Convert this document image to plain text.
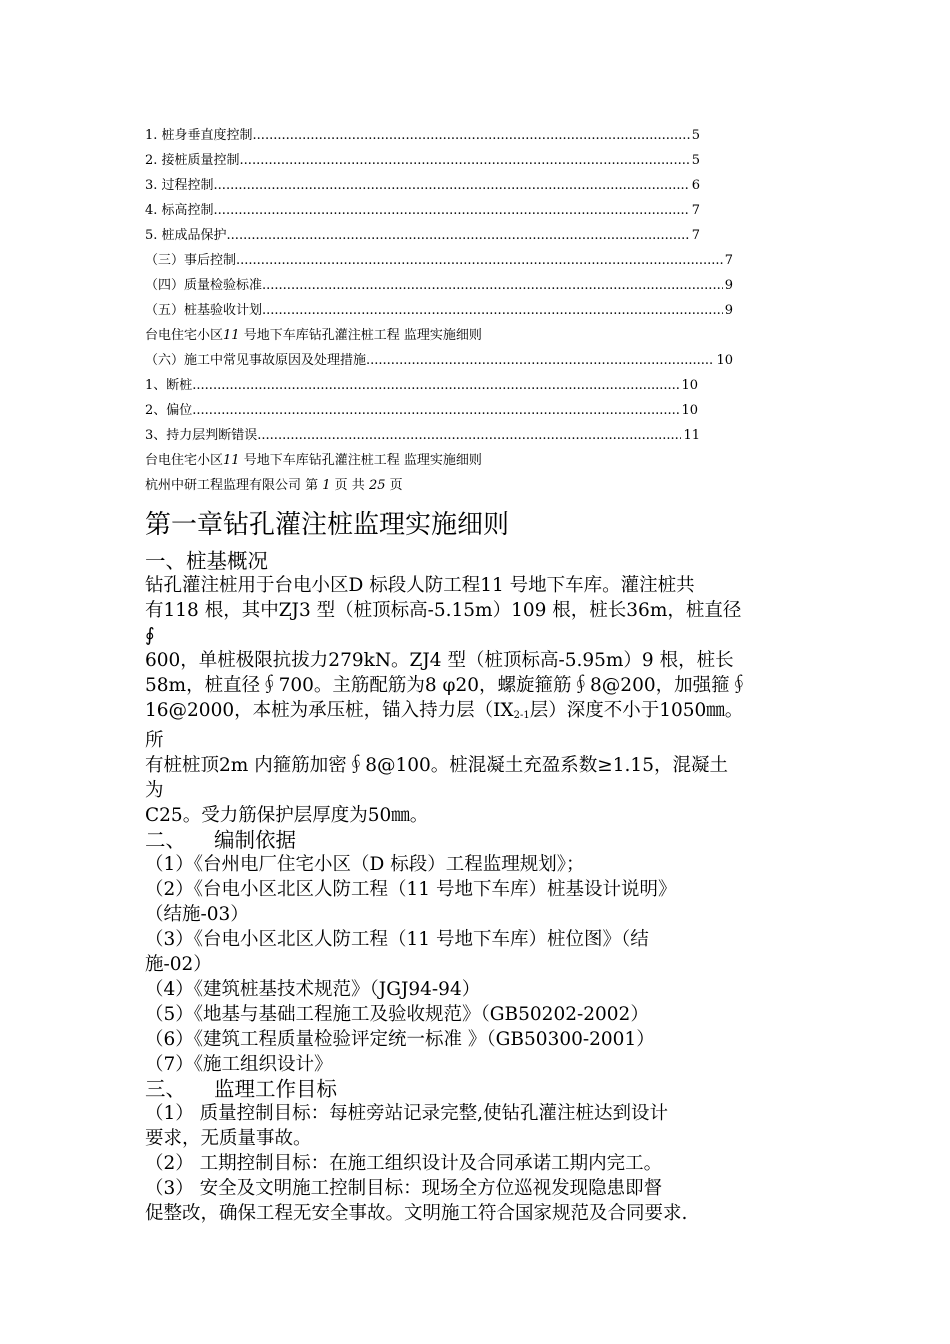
1. 桩身垂直度控制 .....	5
2. 接桩质量控制 .....	5
3. 过程控制 .....	6
4. 标高控制 .....	7
5. 桩成品保护 .....	7
（三）事后控制 .....	7
（四）质量检验标准 .....	9
（五）桩基验收计划 .....	9
台电住宅小区11 号地下车库钻孔灌注桩工程 监理实施细则
（六）施工中常见事故原因及处理措施 .....	10
1、断桩 .....	10
2、偏位 .....	10
3、持力层判断错误 .....	11
台电住宅小区11 号地下车库钻孔灌注桩工程 监理实施细则
杭州中研工程监理有限公司 第 1 页 共 25 页
第一章钻孔灌注桩监理实施细则
一、桩基概况
钻孔灌注桩用于台电小区D 标段人防工程11 号地下车库。灌注桩共
有118 根，其中ZJ3 型（桩顶标高-5.15m）109 根，桩长36m，桩直径
∮
600，单桩极限抗拔力279kN。ZJ4 型（桩顶标高-5.95m）9 根，桩长
58m，桩直径∮700。主筋配筋为8 φ20，螺旋箍筋∮8@200，加强箍∮
16@2000，本桩为承压桩，锚入持力层（$IX_{2-1}$层）深度不小于1050㎜。
所
有桩桩顶2m 内箍筋加密∮8@100。桩混凝土充盈系数≥1.15，混凝土
为
C25。受力筋保护层厚度为50㎜。
二、 编制依据
（1）《台州电厂住宅小区（D 标段）工程监理规划》；
（2）《台电小区北区人防工程（11 号地下车库）桩基设计说明》
（结施-03）
（3）《台电小区北区人防工程（11 号地下车库）桩位图》（结
施-02）
（4）《建筑桩基技术规范》（JGJ94-94）
（5）《地基与基础工程施工及验收规范》（GB50202-2002）
（6）《建筑工程质量检验评定统一标准 》（GB50300-2001）
（7）《施工组织设计》
三、 监理工作目标
（1） 质量控制目标：每桩旁站记录完整,使钻孔灌注桩达到设计
要求，无质量事故。
（2） 工期控制目标：在施工组织设计及合同承诺工期内完工。
（3） 安全及文明施工控制目标：现场全方位巡视发现隐患即督
促整改，确保工程无安全事故。文明施工符合国家规范及合同要求.
